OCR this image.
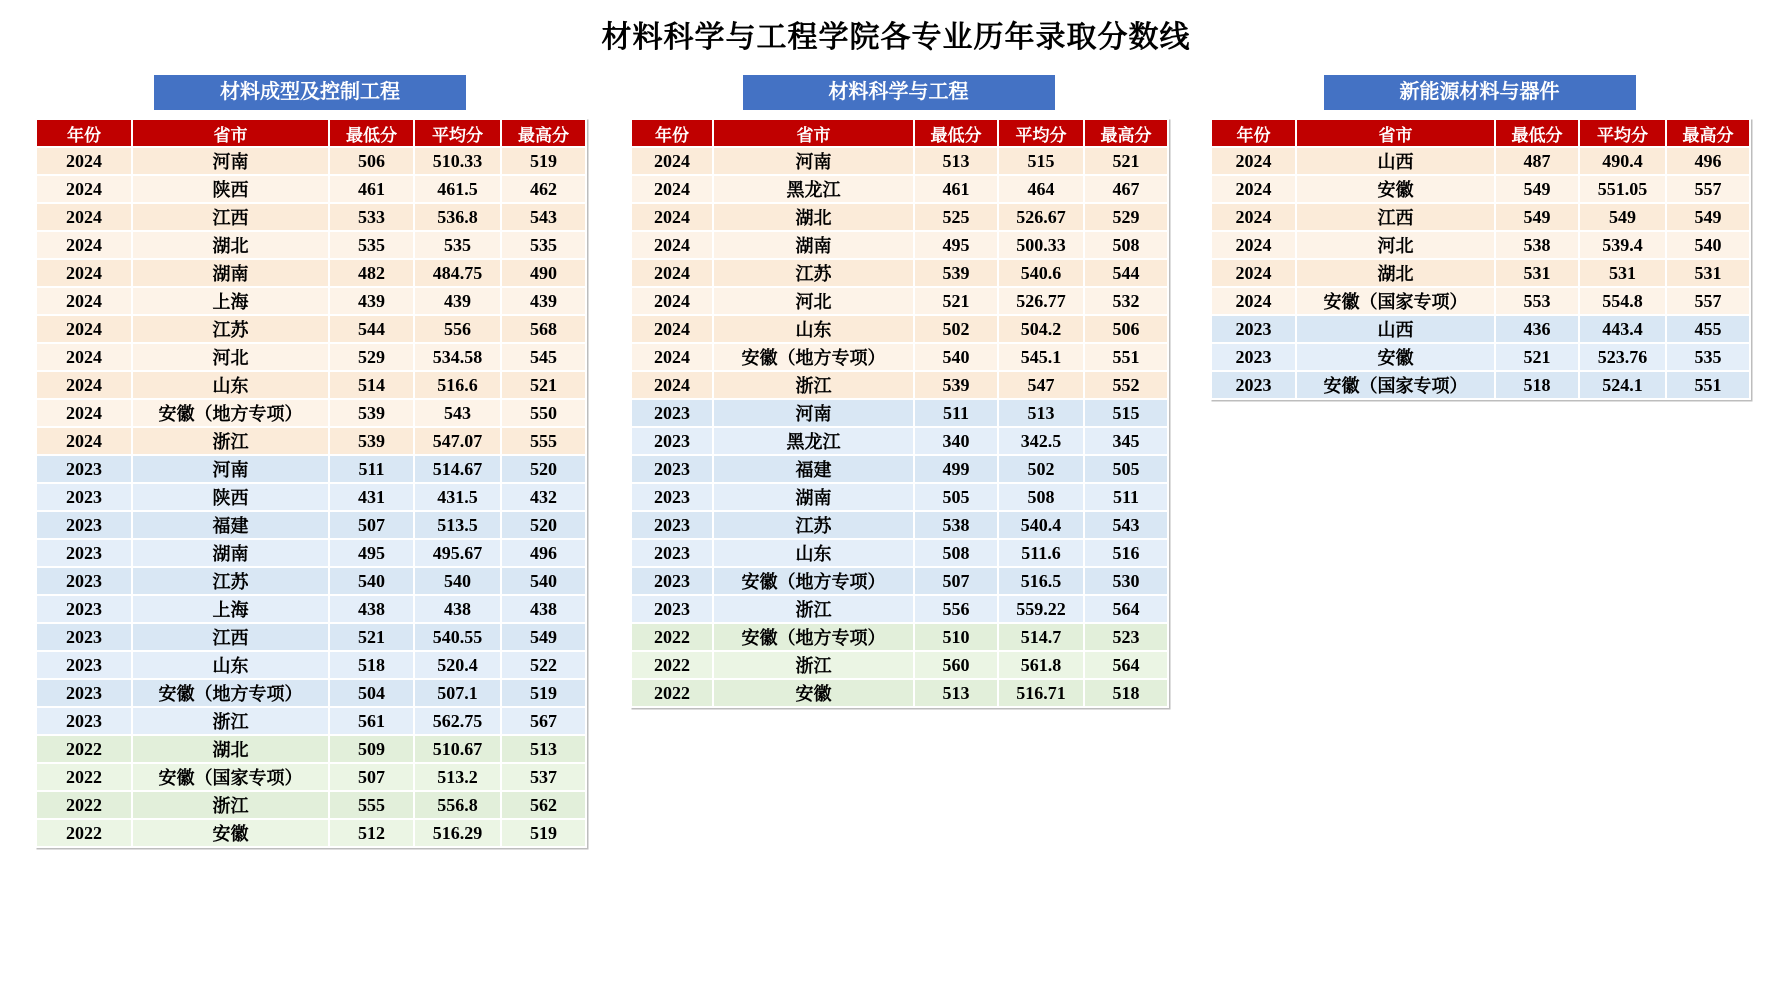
材料科学与工程学院各专业历年录取分数线
材料成型及控制工程
年份	省市	最低分	平均分	最高分
2024	河南	506	510.33	519
2024	陕西	461	461.5	462
2024	江西	533	536.8	543
2024	湖北	535	535	535
2024	湖南	482	484.75	490
2024	上海	439	439	439
2024	江苏	544	556	568
2024	河北	529	534.58	545
2024	山东	514	516.6	521
2024	安徽（地方专项）	539	543	550
2024	浙江	539	547.07	555
2023	河南	511	514.67	520
2023	陕西	431	431.5	432
2023	福建	507	513.5	520
2023	湖南	495	495.67	496
2023	江苏	540	540	540
2023	上海	438	438	438
2023	江西	521	540.55	549
2023	山东	518	520.4	522
2023	安徽（地方专项）	504	507.1	519
2023	浙江	561	562.75	567
2022	湖北	509	510.67	513
2022	安徽（国家专项）	507	513.2	537
2022	浙江	555	556.8	562
2022	安徽	512	516.29	519
材料科学与工程
年份	省市	最低分	平均分	最高分
2024	河南	513	515	521
2024	黑龙江	461	464	467
2024	湖北	525	526.67	529
2024	湖南	495	500.33	508
2024	江苏	539	540.6	544
2024	河北	521	526.77	532
2024	山东	502	504.2	506
2024	安徽（地方专项）	540	545.1	551
2024	浙江	539	547	552
2023	河南	511	513	515
2023	黑龙江	340	342.5	345
2023	福建	499	502	505
2023	湖南	505	508	511
2023	江苏	538	540.4	543
2023	山东	508	511.6	516
2023	安徽（地方专项）	507	516.5	530
2023	浙江	556	559.22	564
2022	安徽（地方专项）	510	514.7	523
2022	浙江	560	561.8	564
2022	安徽	513	516.71	518
新能源材料与器件
年份	省市	最低分	平均分	最高分
2024	山西	487	490.4	496
2024	安徽	549	551.05	557
2024	江西	549	549	549
2024	河北	538	539.4	540
2024	湖北	531	531	531
2024	安徽（国家专项）	553	554.8	557
2023	山西	436	443.4	455
2023	安徽	521	523.76	535
2023	安徽（国家专项）	518	524.1	551
